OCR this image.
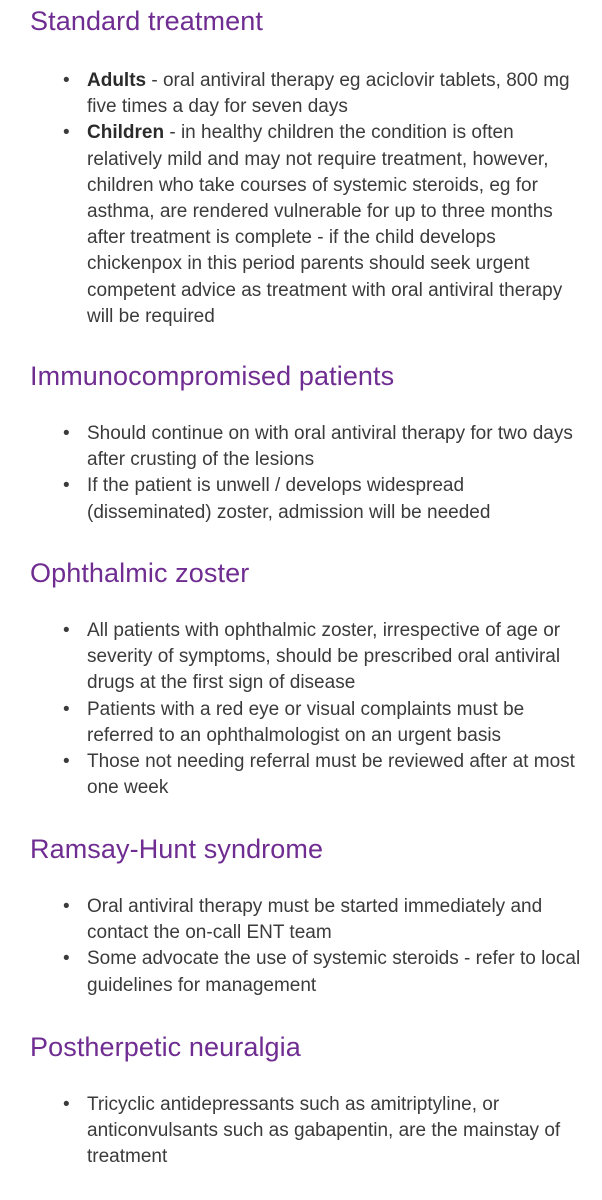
Standard treatment
• Adults - oral antiviral therapy eg aciclovir tablets, 800 mg five times a day for seven days
• Children - in healthy children the condition is often relatively mild and may not require treatment, however, children who take courses of systemic steroids, eg for asthma, are rendered vulnerable for up to three months after treatment is complete - if the child develops chickenpox in this period parents should seek urgent competent advice as treatment with oral antiviral therapy will be required
Immunocompromised patients
• Should continue on with oral antiviral therapy for two days after crusting of the lesions
• If the patient is unwell / develops widespread (disseminated) zoster, admission will be needed
Ophthalmic zoster
• All patients with ophthalmic zoster, irrespective of age or severity of symptoms, should be prescribed oral antiviral drugs at the first sign of disease
• Patients with a red eye or visual complaints must be referred to an ophthalmologist on an urgent basis
• Those not needing referral must be reviewed after at most one week
Ramsay-Hunt syndrome
• Oral antiviral therapy must be started immediately and contact the on-call ENT team
• Some advocate the use of systemic steroids - refer to local guidelines for management
Postherpetic neuralgia
• Tricyclic antidepressants such as amitriptyline, or anticonvulsants such as gabapentin, are the mainstay of treatment
